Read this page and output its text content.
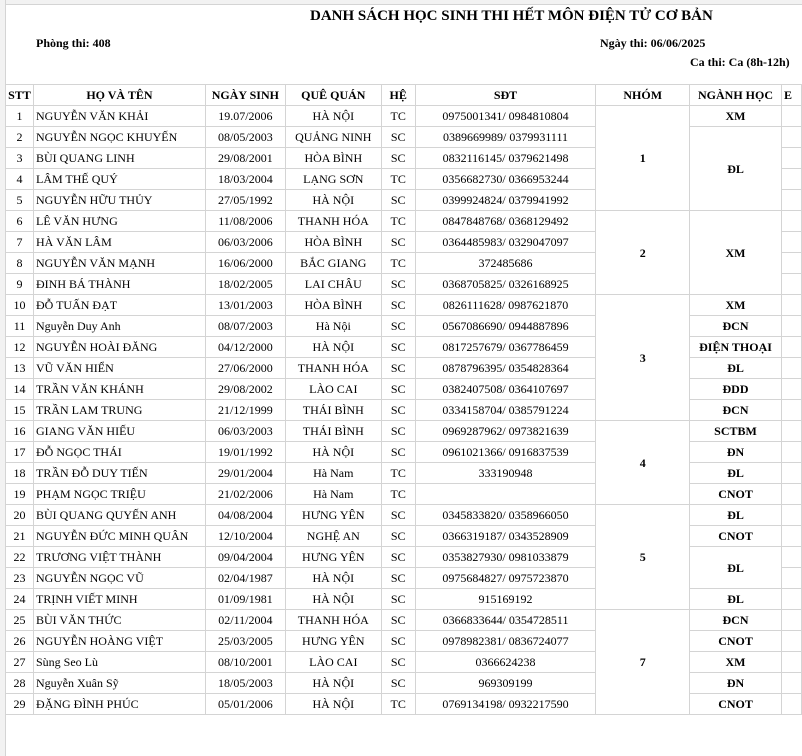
DANH SÁCH HỌC SINH THI HẾT MÔN ĐIỆN TỬ CƠ BẢN
Phòng thi: 408	Ngày thi: 06/06/2025
Ca thi: Ca (8h-12h)
STT	HỌ VÀ TÊN	NGÀY SINH	QUÊ QUÁN	HỆ	SĐT	NHÓM	NGÀNH HỌC	E
1	NGUYỄN VĂN KHẢI	19.07/2006	HÀ NỘI	TC	0975001341/ 0984810804	1	XM	
2	NGUYỄN NGỌC KHUYẾN	08/05/2003	QUẢNG NINH	SC	0389669989/ 0379931111		ĐL	
3	BÙI QUANG LINH	29/08/2001	HÒA BÌNH	SC	0832116145/ 0379621498			
4	LÂM THẾ QUÝ	18/03/2004	LẠNG SƠN	TC	0356682730/ 0366953244			
5	NGUYỄN HỮU THỦY	27/05/1992	HÀ NỘI	SC	0399924824/ 0379941992			
6	LÊ VĂN HƯNG	11/08/2006	THANH HÓA	TC	0847848768/ 0368129492	2	XM	
7	HÀ VĂN LÂM	06/03/2006	HÒA BÌNH	SC	0364485983/ 0329047097			
8	NGUYỄN VĂN MẠNH	16/06/2000	BẮC GIANG	TC	372485686			
9	ĐINH BÁ THÀNH	18/02/2005	LAI CHÂU	SC	0368705825/ 0326168925			
10	ĐỖ TUẤN ĐẠT	13/01/2003	HÒA BÌNH	SC	0826111628/ 0987621870	3	XM	
11	Nguyễn Duy Anh	08/07/2003	Hà Nội	SC	0567086690/ 0944887896		ĐCN	
12	NGUYỄN HOÀI ĐĂNG	04/12/2000	HÀ NỘI	SC	0817257679/ 0367786459		ĐIỆN THOẠI	
13	VŨ VĂN HIỂN	27/06/2000	THANH HÓA	SC	0878796395/ 0354828364		ĐL	
14	TRẦN VĂN KHÁNH	29/08/2002	LÀO CAI	SC	0382407508/ 0364107697		ĐDD	
15	TRẦN LAM TRUNG	21/12/1999	THÁI BÌNH	SC	0334158704/ 0385791224		ĐCN	
16	GIANG VĂN HIẾU	06/03/2003	THÁI BÌNH	SC	0969287962/ 0973821639	4	SCTBM	
17	ĐỖ NGỌC THÁI	19/01/1992	HÀ NỘI	SC	0961021366/ 0916837539		ĐN	
18	TRẦN ĐỖ DUY TIẾN	29/01/2004	Hà Nam	TC	333190948		ĐL	
19	PHẠM NGỌC TRIỆU	21/02/2006	Hà Nam	TC			CNOT	
20	BÙI QUANG QUYẾN ANH	04/08/2004	HƯNG YÊN	SC	0345833820/ 0358966050	5	ĐL	
21	NGUYỄN ĐỨC MINH QUÂN	12/10/2004	NGHỆ AN	SC	0366319187/ 0343528909		CNOT	
22	TRƯƠNG VIỆT THÀNH	09/04/2004	HƯNG YÊN	SC	0353827930/ 0981033879		ĐL	
23	NGUYỄN NGỌC VŨ	02/04/1987	HÀ NỘI	SC	0975684827/ 0975723870			
24	TRỊNH VIẾT MINH	01/09/1981	HÀ NỘI	SC	915169192		ĐL	
25	BÙI VĂN THỨC	02/11/2004	THANH HÓA	SC	0366833644/ 0354728511	7	ĐCN	
26	NGUYỄN HOÀNG VIỆT	25/03/2005	HƯNG YÊN	SC	0978982381/ 0836724077		CNOT	
27	Sùng Seo Lù	08/10/2001	LÀO CAI	SC	0366624238		XM	
28	Nguyễn Xuân Sỹ	18/05/2003	HÀ NỘI	SC	969309199		ĐN	
29	ĐẶNG ĐÌNH PHÚC	05/01/2006	HÀ NỘI	TC	0769134198/ 0932217590		CNOT	
